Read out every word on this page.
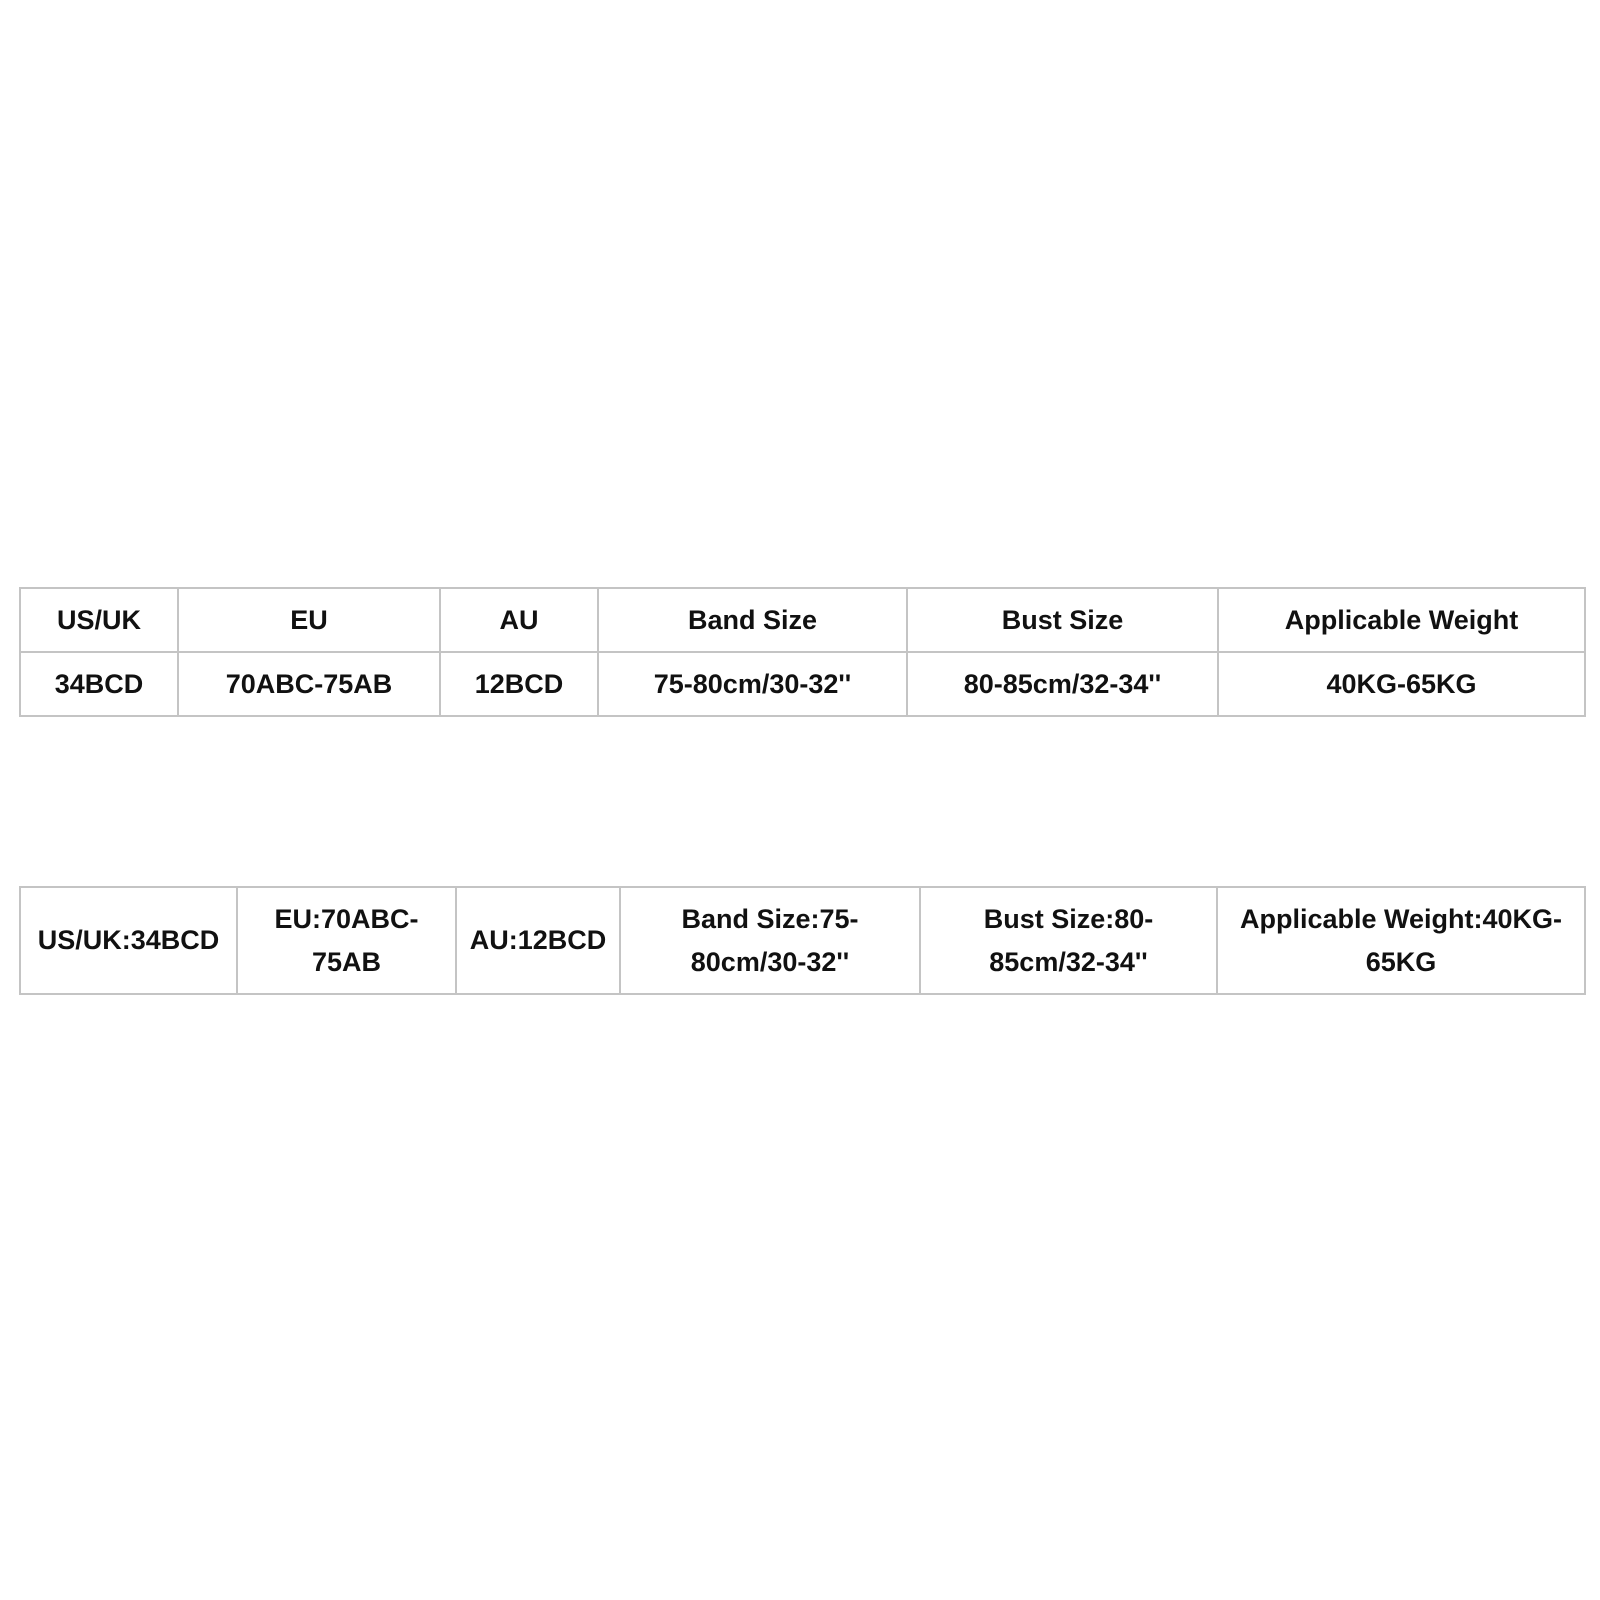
US/UK	EU	AU	Band Size	Bust Size	Applicable Weight
34BCD	70ABC-75AB	12BCD	75-80cm/30-32''	80-85cm/32-34''	40KG-65KG
US/UK:34BCD	EU:70ABC-75AB	AU:12BCD	Band Size:75-80cm/30-32''	Bust Size:80-85cm/32-34''	Applicable Weight:40KG-65KG
